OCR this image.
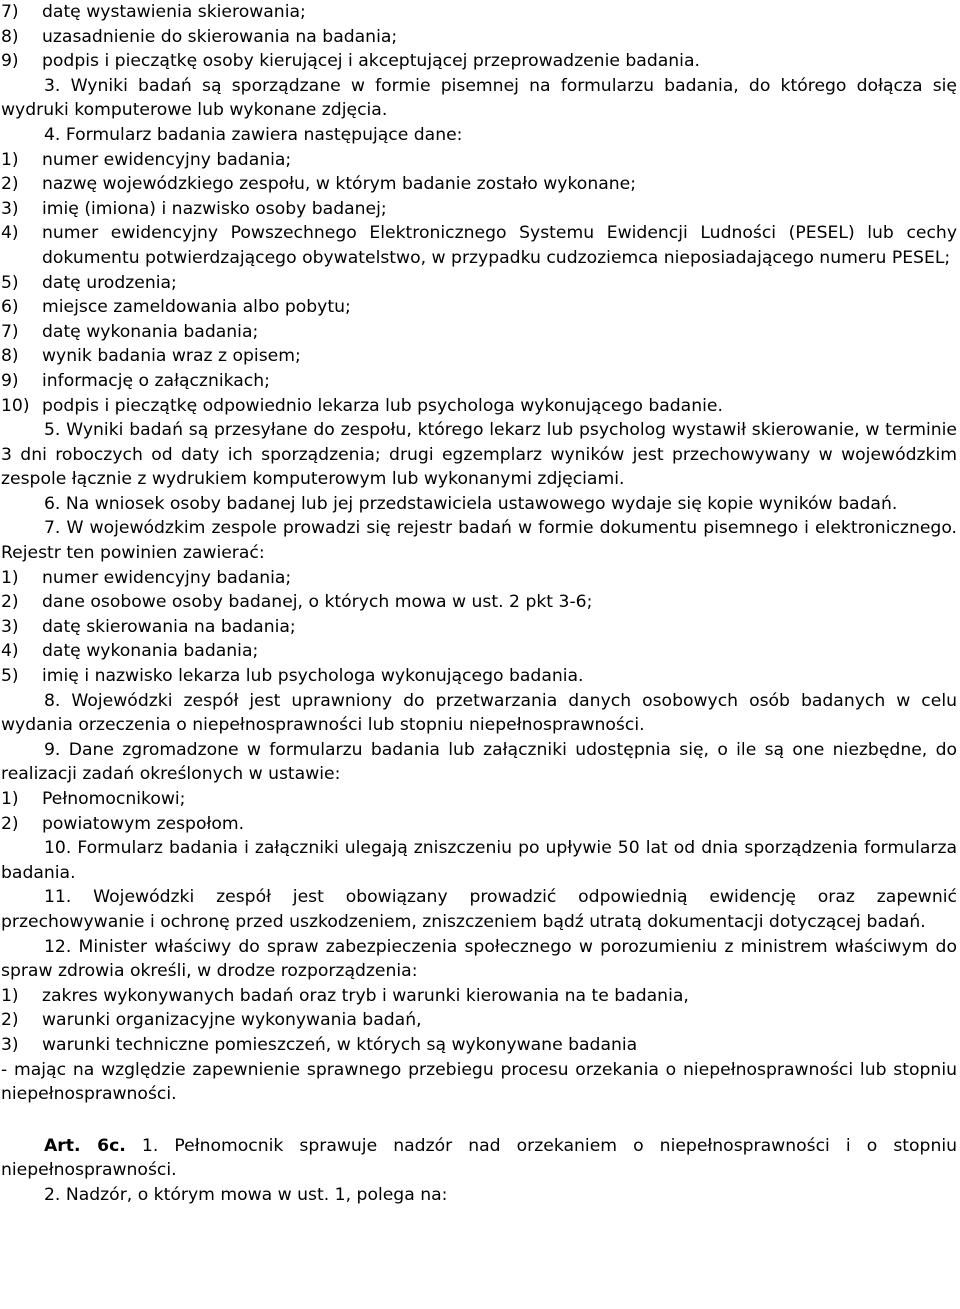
7) datę wystawienia skierowania;
8) uzasadnienie do skierowania na badania;
9) podpis i pieczątkę osoby kierującej i akceptującej przeprowadzenie badania.

3. Wyniki badań są sporządzane w formie pisemnej na formularzu badania, do którego dołącza się wydruki komputerowe lub wykonane zdjęcia.

4. Formularz badania zawiera następujące dane:

1) numer ewidencyjny badania;
2) nazwę wojewódzkiego zespołu, w którym badanie zostało wykonane;
3) imię (imiona) i nazwisko osoby badanej;
4) numer ewidencyjny Powszechnego Elektronicznego Systemu Ewidencji Ludności (PESEL) lub cechy dokumentu potwierdzającego obywatelstwo, w przypadku cudzoziemca nieposiadającego numeru PESEL;
5) datę urodzenia;
6) miejsce zameldowania albo pobytu;
7) datę wykonania badania;
8) wynik badania wraz z opisem;
9) informację o załącznikach;
10) podpis i pieczątkę odpowiednio lekarza lub psychologa wykonującego badanie.

5. Wyniki badań są przesyłane do zespołu, którego lekarz lub psycholog wystawił skierowanie, w terminie 3 dni roboczych od daty ich sporządzenia; drugi egzemplarz wyników jest przechowywany w wojewódzkim zespole łącznie z wydrukiem komputerowym lub wykonanymi zdjęciami.

6. Na wniosek osoby badanej lub jej przedstawiciela ustawowego wydaje się kopie wyników badań.

7. W wojewódzkim zespole prowadzi się rejestr badań w formie dokumentu pisemnego i elektronicznego. Rejestr ten powinien zawierać:

1) numer ewidencyjny badania;
2) dane osobowe osoby badanej, o których mowa w ust. 2 pkt 3-6;
3) datę skierowania na badania;
4) datę wykonania badania;
5) imię i nazwisko lekarza lub psychologa wykonującego badania.

8. Wojewódzki zespół jest uprawniony do przetwarzania danych osobowych osób badanych w celu wydania orzeczenia o niepełnosprawności lub stopniu niepełnosprawności.

9. Dane zgromadzone w formularzu badania lub załączniki udostępnia się, o ile są one niezbędne, do realizacji zadań określonych w ustawie:

1) Pełnomocnikowi;
2) powiatowym zespołom.

10. Formularz badania i załączniki ulegają zniszczeniu po upływie 50 lat od dnia sporządzenia formularza badania.

11. Wojewódzki zespół jest obowiązany prowadzić odpowiednią ewidencję oraz zapewnić przechowywanie i ochronę przed uszkodzeniem, zniszczeniem bądź utratą dokumentacji dotyczącej badań.

12. Minister właściwy do spraw zabezpieczenia społecznego w porozumieniu z ministrem właściwym do spraw zdrowia określi, w drodze rozporządzenia:

1) zakres wykonywanych badań oraz tryb i warunki kierowania na te badania,
2) warunki organizacyjne wykonywania badań,
3) warunki techniczne pomieszczeń, w których są wykonywane badania

- mając na względzie zapewnienie sprawnego przebiegu procesu orzekania o niepełnosprawności lub stopniu niepełnosprawności.

Art. 6c. 1. Pełnomocnik sprawuje nadzór nad orzekaniem o niepełnosprawności i o stopniu niepełnosprawności.

2. Nadzór, o którym mowa w ust. 1, polega na:
